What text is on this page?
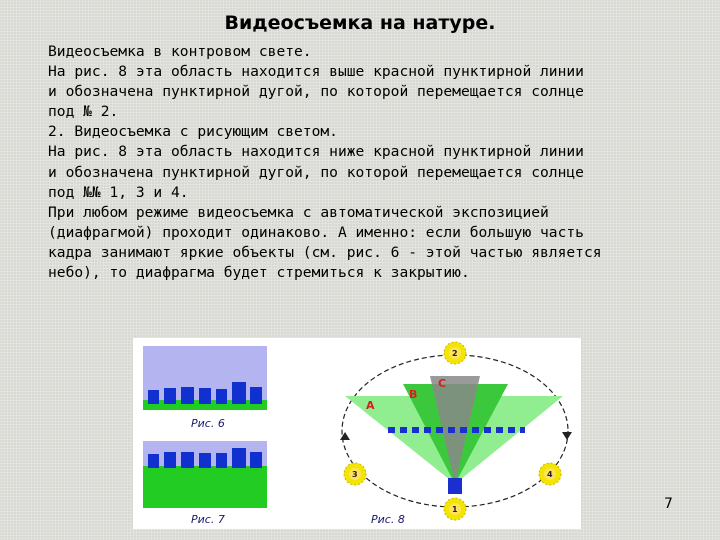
Видеосъемка на натуре.
Видеосъемка в контровом свете.
На рис. 8 эта область находится выше красной пунктирной линии
и обозначена пунктирной дугой, по которой перемещается солнце
под № 2.
2. Видеосъемка с рисующим светом.
На рис. 8 эта область находится ниже красной пунктирной линии
и обозначена пунктирной дугой, по которой перемещается солнце
под №№ 1, 3 и 4.
При любом режиме видеосъемка с автоматической экспозицией
(диафрагмой) проходит одинаково. А именно: если большую часть
кадра занимают яркие объекты (см. рис. 6 - этой частью является
небо), то диафрагма будет стремиться к закрытию.
Рис. 6
Рис. 7
A
B
C
2
3	4
1
Рис. 8
7
